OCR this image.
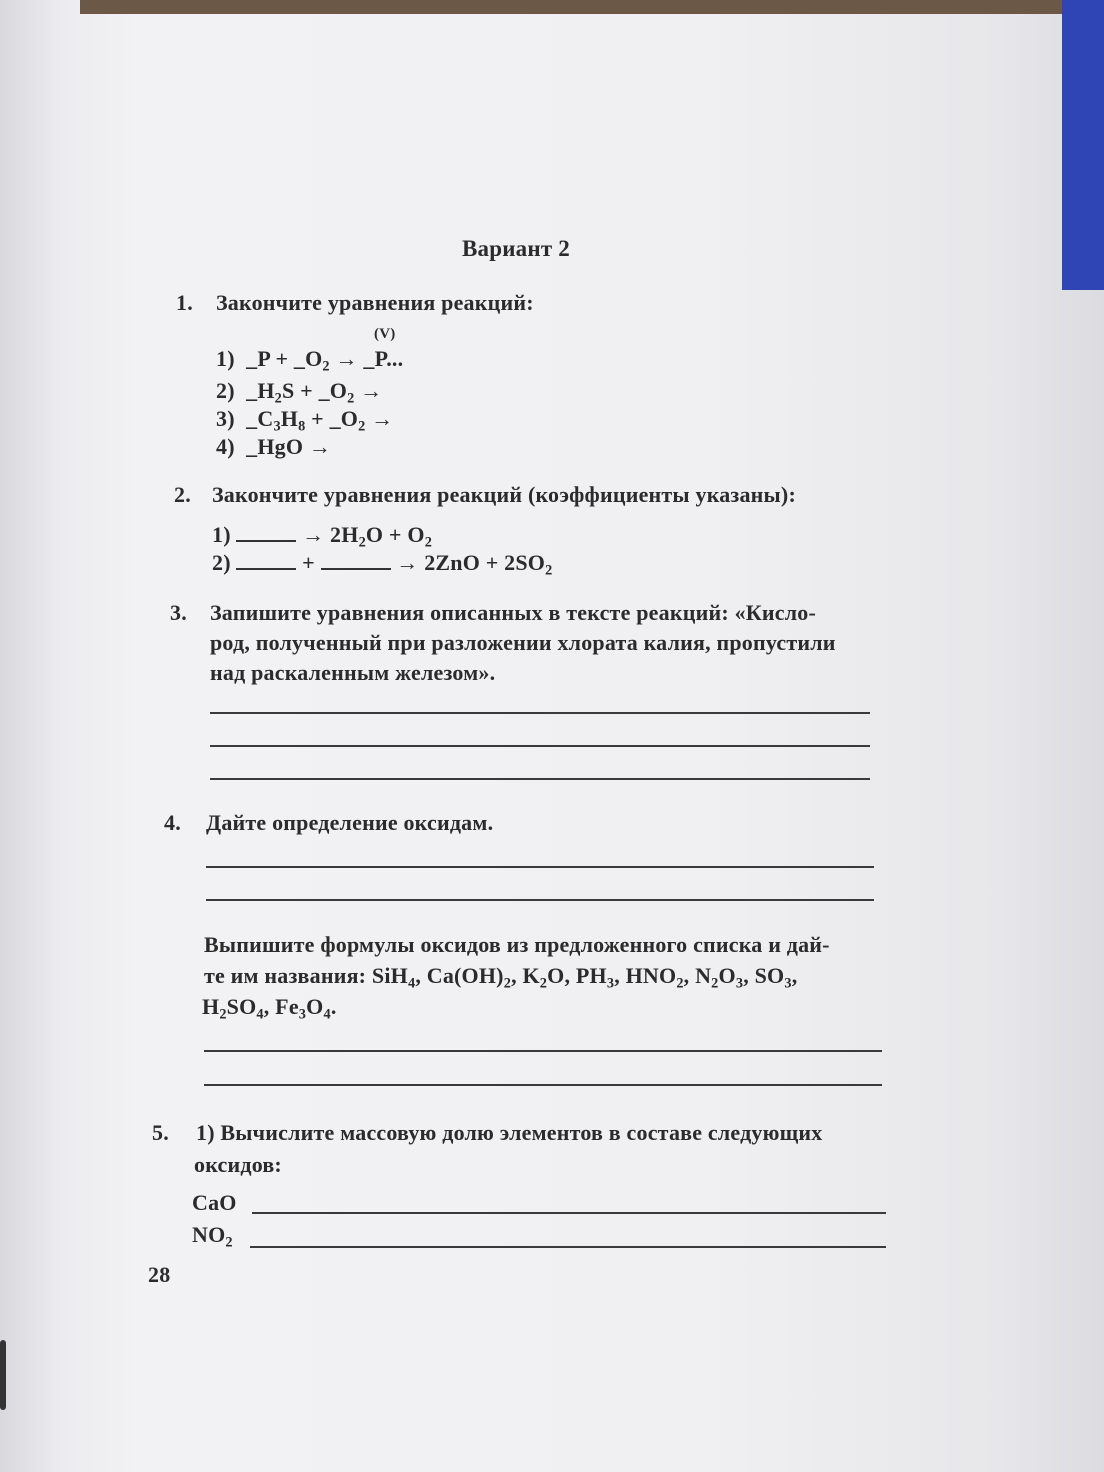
Вариант 2
1. Закончите уравнения реакций:
(V)
1)  _P + $\_O_2$ → _P...
2)  $\_H_2S$ + $\_O_2$ →
3)  $\_C_3H_8$ + $\_O_2$ →
4)  _HgO →
2. Закончите уравнения реакций (коэффициенты указаны):
1)	→ $2H_2O + O_2$
2)	+	→ $2ZnO + 2SO_2$
3. Запишите уравнения описанных в тексте реакций: «Кисло-
род, полученный при разложении хлората калия, пропустили
над раскаленным железом».
4. Дайте определение оксидам.
Выпишите формулы оксидов из предложенного списка и дай-
те им названия: SiH$_4$, $Ca(OH)_2$, $K_2O$, $PH_3$, $HNO_2$, $N_2O_3$, $SO_3$,
$H_2SO_4$, $Fe_3O_4$.
5. 1) Вычислите массовую долю элементов в составе следующих
оксидов:
CaO
$NO_2$
28
